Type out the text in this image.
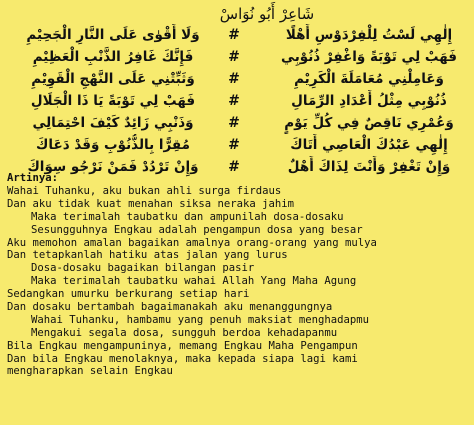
شَاعِرْ أَبُو نُوَاسْ
إِلٰهِي لَسْتُ لِلْفِرْدَوْسِ أَهْلًا
#
وَلَا أَقْوٰى عَلَى النَّارِ الْجَحِيْمِ
فَهَبْ لِي تَوْبَةً وَاغْفِرْ ذُنُوْبِي
#
فَإِنَّكَ غَافِرُ الذَّنْبِ الْعَظِيْمِ
وَعَامِلْنِي مُعَامَلَةَ الْكَرِيْمِ
#
وَثَبِّتْنِي عَلَى النَّهْجِ الْقَوِيْمِ
ذُنُوْبِي مِثْلُ أَعْدَادِ الرِّمَالِ
#
فَهَبْ لِي تَوْبَةً يَا ذَا الْجَلَالِ
وَعُمْرِي نَاقِصٌ فِي كُلِّ يَوْمٍ
#
وَذَنْبِي زَائِدٌ كَيْفَ احْتِمَالِي
إِلٰهِي عَبْدُكَ الْعَاصِي أَتَاكَ
#
مُقِرًّا بِالذُّنُوْبِ وَقَدْ دَعَاكَ
وَإِنْ تَغْفِرْ وَأَنْتَ لِذَاكَ أَهْلٌ
#
وَإِنْ تَرْدُدْ فَمَنْ نَرْجُو سِوَاكَ
Artinya:
Wahai Tuhanku, aku bukan ahli surga firdaus
Dan aku tidak kuat menahan siksa neraka jahim
Maka terimalah taubatku dan ampunilah dosa-dosaku
Sesungguhnya Engkau adalah pengampun dosa yang besar
Aku memohon amalan bagaikan amalnya orang-orang yang mulya
Dan tetapkanlah hatiku atas jalan yang lurus
Dosa-dosaku bagaikan bilangan pasir
Maka terimalah taubatku wahai Allah Yang Maha Agung
Sedangkan umurku berkurang setiap hari
Dan dosaku bertambah bagaimanakah aku menanggungnya
Wahai Tuhanku, hambamu yang penuh maksiat menghadapmu
Mengakui segala dosa, sungguh berdoa kehadapanmu
Bila Engkau mengampuninya, memang Engkau Maha Pengampun
Dan bila Engkau menolaknya, maka kepada siapa lagi kami
mengharapkan selain Engkau
